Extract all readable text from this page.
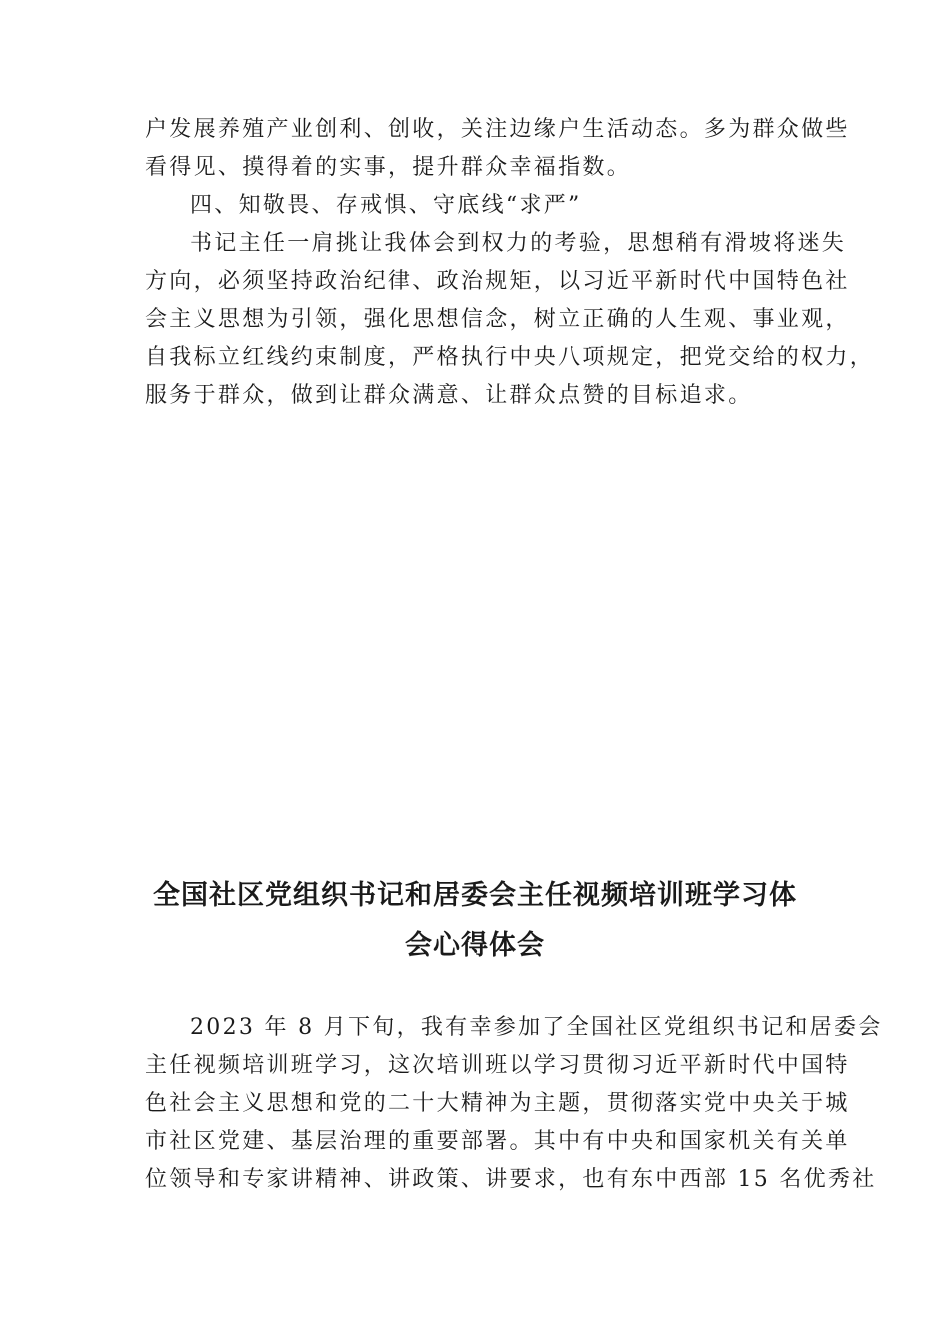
户发展养殖产业创利、创收，关注边缘户生活动态。多为群众做些
看得见、摸得着的实事，提升群众幸福指数。
四、知敬畏、存戒惧、守底线“求严”
书记主任一肩挑让我体会到权力的考验，思想稍有滑坡将迷失
方向，必须坚持政治纪律、政治规矩，以习近平新时代中国特色社
会主义思想为引领，强化思想信念，树立正确的人生观、事业观，
自我标立红线约束制度，严格执行中央八项规定，把党交给的权力，
服务于群众，做到让群众满意、让群众点赞的目标追求。
全国社区党组织书记和居委会主任视频培训班学习体
会心得体会
2023 年 8 月下旬，我有幸参加了全国社区党组织书记和居委会
主任视频培训班学习，这次培训班以学习贯彻习近平新时代中国特
色社会主义思想和党的二十大精神为主题，贯彻落实党中央关于城
市社区党建、基层治理的重要部署。其中有中央和国家机关有关单
位领导和专家讲精神、讲政策、讲要求，也有东中西部 15 名优秀社
